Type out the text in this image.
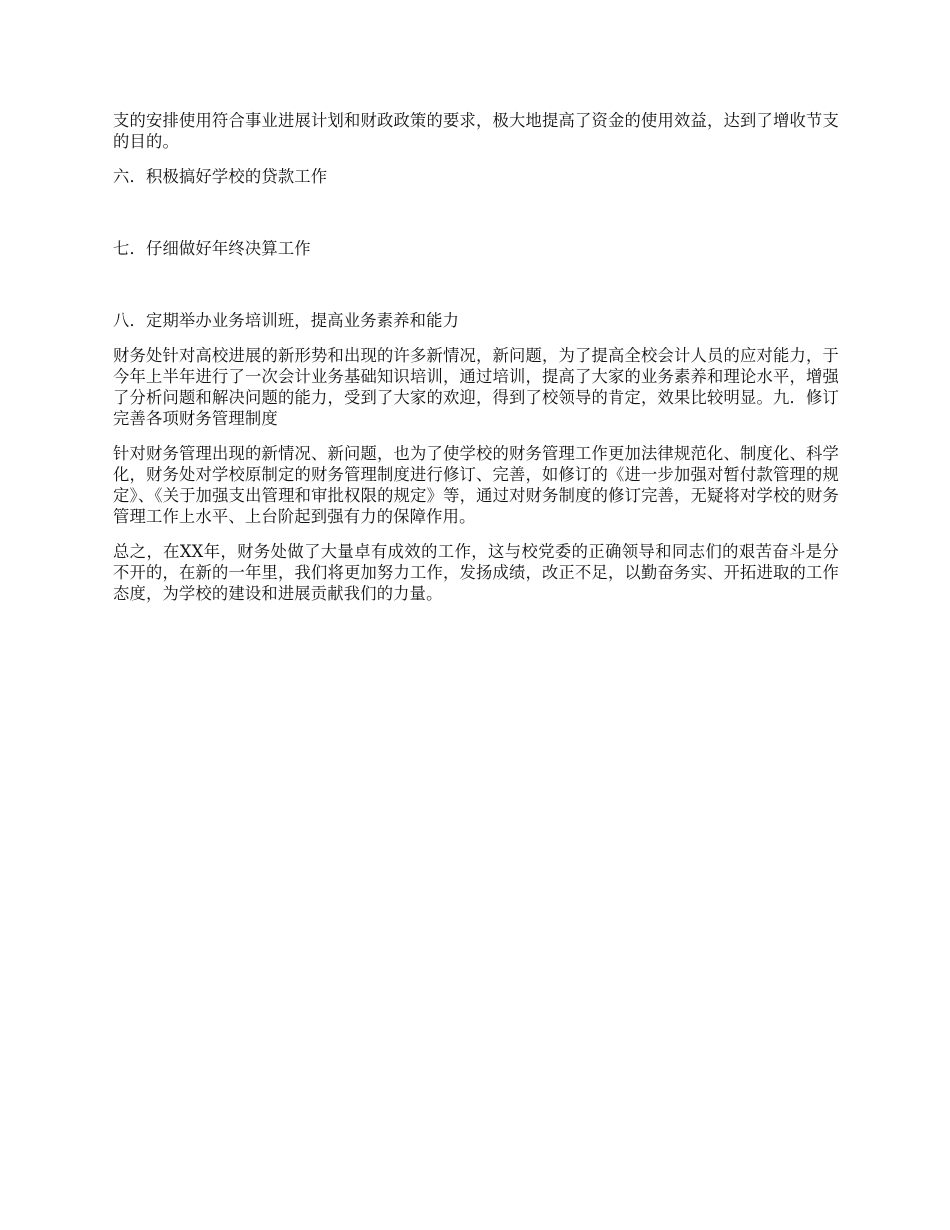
支的安排使用符合事业进展计划和财政政策的要求，极大地提高了资金的使用效益，达到了增收节支的目的。

六．积极搞好学校的贷款工作

七．仔细做好年终决算工作

八．定期举办业务培训班，提高业务素养和能力

财务处针对高校进展的新形势和出现的许多新情况，新问题，为了提高全校会计人员的应对能力，于今年上半年进行了一次会计业务基础知识培训，通过培训，提高了大家的业务素养和理论水平，增强了分析问题和解决问题的能力，受到了大家的欢迎，得到了校领导的肯定，效果比较明显。九．修订完善各项财务管理制度

针对财务管理出现的新情况、新问题，也为了使学校的财务管理工作更加法律规范化、制度化、科学化，财务处对学校原制定的财务管理制度进行修订、完善，如修订的《进一步加强对暂付款管理的规定》、《关于加强支出管理和审批权限的规定》等，通过对财务制度的修订完善，无疑将对学校的财务管理工作上水平、上台阶起到强有力的保障作用。

总之，在XX年，财务处做了大量卓有成效的工作，这与校党委的正确领导和同志们的艰苦奋斗是分不开的，在新的一年里，我们将更加努力工作，发扬成绩，改正不足，以勤奋务实、开拓进取的工作态度，为学校的建设和进展贡献我们的力量。
